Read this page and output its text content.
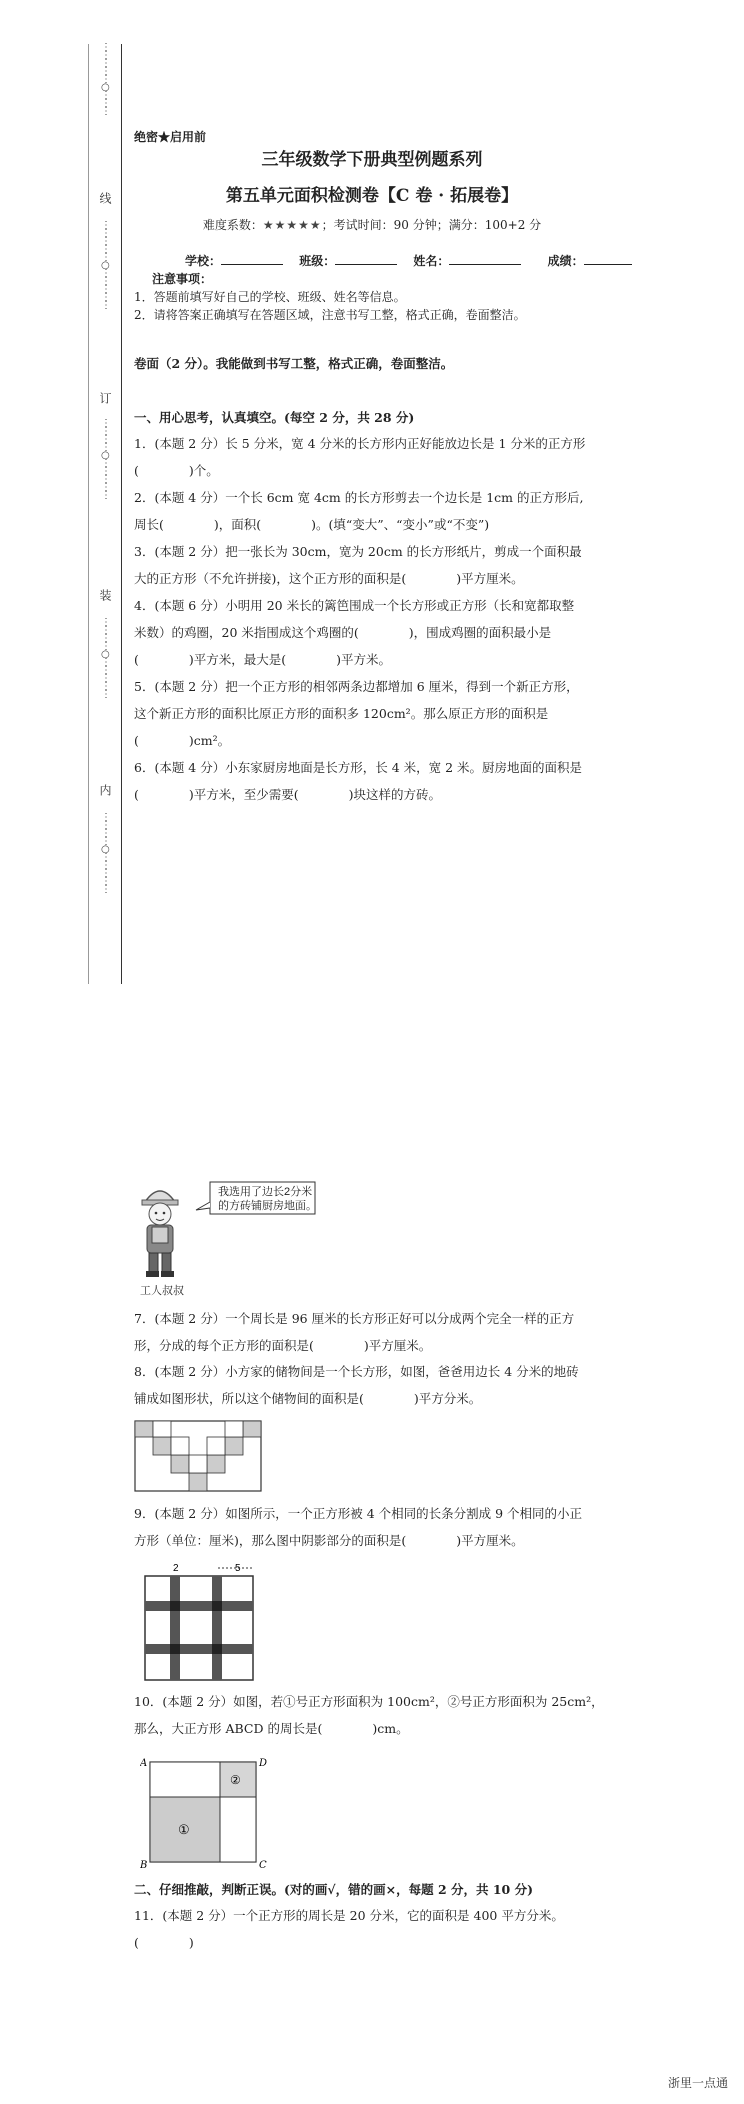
⋮
⋮
⋮
⋮
⋮
○
⋮
⋮
⋮
线
⋮
⋮
⋮
⋮
⋮
○
⋮
⋮
⋮
⋮
⋮
订
⋮
⋮
⋮
⋮
○
⋮
⋮
⋮
⋮
⋮
装
⋮
⋮
⋮
⋮
○
⋮
⋮
⋮
⋮
⋮
内
⋮
⋮
⋮
⋮
○
⋮
⋮
⋮
⋮
⋮
绝密★启用前
三年级数学下册典型例题系列
第五单元面积检测卷【C 卷 · 拓展卷】
难度系数：★★★★★；考试时间：90 分钟；满分：100+2 分
学校：	班级：	姓名：	成绩：
注意事项：
1．答题前填写好自己的学校、班级、姓名等信息。
2．请将答案正确填写在答题区域，注意书写工整，格式正确，卷面整洁。
卷面（2 分）。我能做到书写工整，格式正确，卷面整洁。
一、用心思考，认真填空。(每空 2 分，共 28 分)
1．(本题 2 分）长 5 分米，宽 4 分米的长方形内正好能放边长是 1 分米的正方形
(　　　　)个。
2．(本题 4 分）一个长 6cm 宽 4cm 的长方形剪去一个边长是 1cm 的正方形后,
周长(　　　　)，面积(　　　　)。(填“变大”、“变小”或“不变”)
3．(本题 2 分）把一张长为 30cm，宽为 20cm 的长方形纸片，剪成一个面积最
大的正方形（不允许拼接)，这个正方形的面积是(　　　　)平方厘米。
4．(本题 6 分）小明用 20 米长的篱笆围成一个长方形或正方形（长和宽都取整
米数）的鸡圈，20 米指围成这个鸡圈的(　　　　)，围成鸡圈的面积最小是
(　　　　)平方米，最大是(　　　　)平方米。
5．(本题 2 分）把一个正方形的相邻两条边都增加 6 厘米，得到一个新正方形，
这个新正方形的面积比原正方形的面积多 120cm²。那么原正方形的面积是
(　　　　)cm²。
6．(本题 4 分）小东家厨房地面是长方形，长 4 米，宽 2 米。厨房地面的面积是
(　　　　)平方米，至少需要(　　　　)块这样的方砖。
我选用了边长2分米
的方砖铺厨房地面。
工人叔叔
7．(本题 2 分）一个周长是 96 厘米的长方形正好可以分成两个完全一样的正方
形，分成的每个正方形的面积是(　　　　)平方厘米。
8．(本题 2 分）小方家的储物间是一个长方形，如图，爸爸用边长 4 分米的地砖
铺成如图形状，所以这个储物间的面积是(　　　　)平方分米。
9．(本题 2 分）如图所示，一个正方形被 4 个相同的长条分割成 9 个相同的小正
方形（单位：厘米)，那么图中阴影部分的面积是(　　　　)平方厘米。
2	5
10．(本题 2 分）如图，若①号正方形面积为 100cm²，②号正方形面积为 25cm²，
那么，大正方形 ABCD 的周长是(　　　　)cm。
A	D
B	C
①
②
二、仔细推敲，判断正误。(对的画√，错的画×，每题 2 分，共 10 分)
11．(本题 2 分）一个正方形的周长是 20 分米，它的面积是 400 平方分米。
(　　　　)
浙里一点通
